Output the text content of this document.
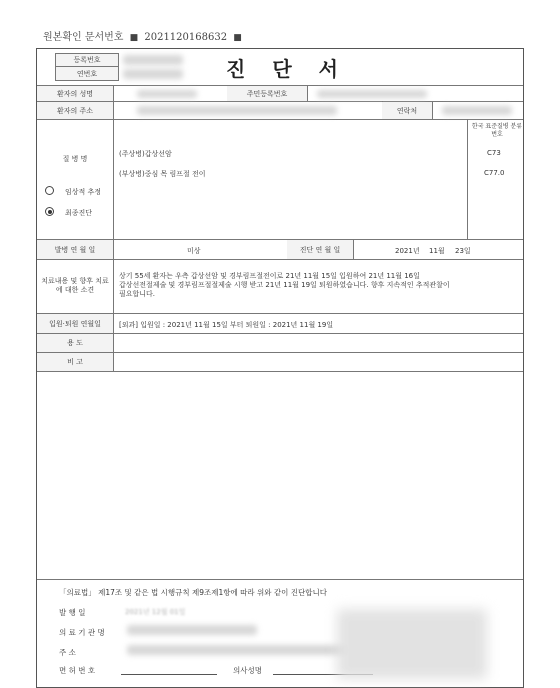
원본확인 문서번호 ■ 2021120168632 ■
진 단 서
등록번호
연번호
환자의 성명	주민등록번호
환자의 주소	연락처
질 병 명
임상적 추정
최종진단
(주상병)갑상선암
(부상병)중심 목 림프절 전이
한국 표준질병 분류번호
C73
C77.0
발병 연 월 일	미상	진단 연 월 일	2021년 11월 23일
치료내용 및 향후 치료에 대한 소견
상기 55세 환자는 우측 갑상선암 및 경부림프절전이로 21년 11월 15일 입원하여 21년 11월 16일
갑상선전절제술 및 경부림프절절제술 시행 받고 21년 11월 19일 퇴원하였습니다. 향후 지속적인 추적관찰이
필요합니다.
입원·퇴원 연월일	[외과] 입원일 : 2021년 11월 15일 부터 퇴원일 : 2021년 11월 19일
용 도
비 고
「의료법」 제17조 및 같은 법 시행규칙 제9조제1항에 따라 위와 같이 진단합니다
발 행 일	2021년 12월 01일
의 료 기 관 명
주 소
면 허 번 호	의사성명
